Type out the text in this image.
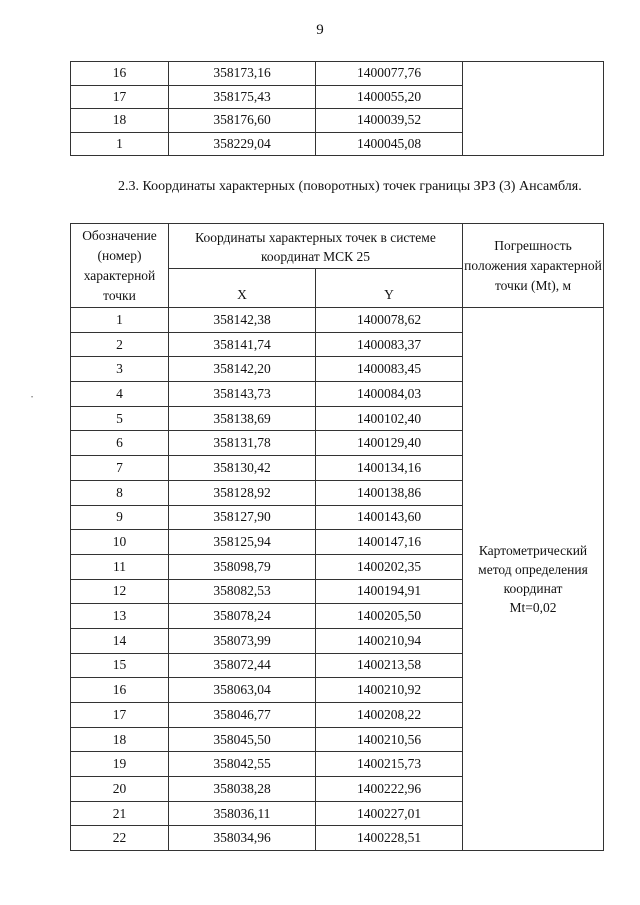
9
16	358173,16	1400077,76	
17	358175,43	1400055,20	
18	358176,60	1400039,52	
1	358229,04	1400045,08	

2.3. Координаты характерных (поворотных) точек границы ЗРЗ (3) Ансамбля.

•
Обозначение (номер) характерной точки	Координаты характерных точек в системе координат МСК 25		Погрешность положения характерной точки (Mt), м
	X	Y	
1	358142,38	1400078,62	Картометрический метод определения координат
Mt=0,02
2	358141,74	1400083,37	
3	358142,20	1400083,45	
4	358143,73	1400084,03	
5	358138,69	1400102,40	
6	358131,78	1400129,40	
7	358130,42	1400134,16	
8	358128,92	1400138,86	
9	358127,90	1400143,60	
10	358125,94	1400147,16	
11	358098,79	1400202,35	
12	358082,53	1400194,91	
13	358078,24	1400205,50	
14	358073,99	1400210,94	
15	358072,44	1400213,58	
16	358063,04	1400210,92	
17	358046,77	1400208,22	
18	358045,50	1400210,56	
19	358042,55	1400215,73	
20	358038,28	1400222,96	
21	358036,11	1400227,01	
22	358034,96	1400228,51	
